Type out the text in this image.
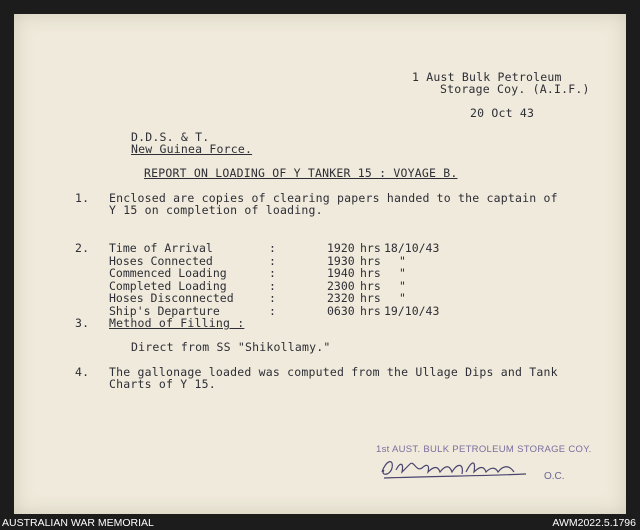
1 Aust Bulk Petroleum
Storage Coy. (A.I.F.)
20 Oct 43
D.D.S. & T.
New Guinea Force.
REPORT ON LOADING OF Y TANKER 15 : VOYAGE B.
1. Enclosed are copies of clearing papers handed to the captain of
Y 15 on completion of loading.
2. Time of Arrival	:	1920 hrs 18/10/43
Hoses Connected	:	1930 hrs "
Commenced Loading	:	1940 hrs "
Completed Loading	:	2300 hrs "
Hoses Disconnected	:	2320 hrs "
Ship's Departure	:	0630 hrs 19/10/43
3. Method of Filling :
Direct from SS "Shikollamy."
4. The gallonage loaded was computed from the Ullage Dips and Tank
Charts of Y 15.
1st AUST. BULK PETROLEUM STORAGE COY.
O.C.
AUSTRALIAN WAR MEMORIAL	AWM2022.5.1796
